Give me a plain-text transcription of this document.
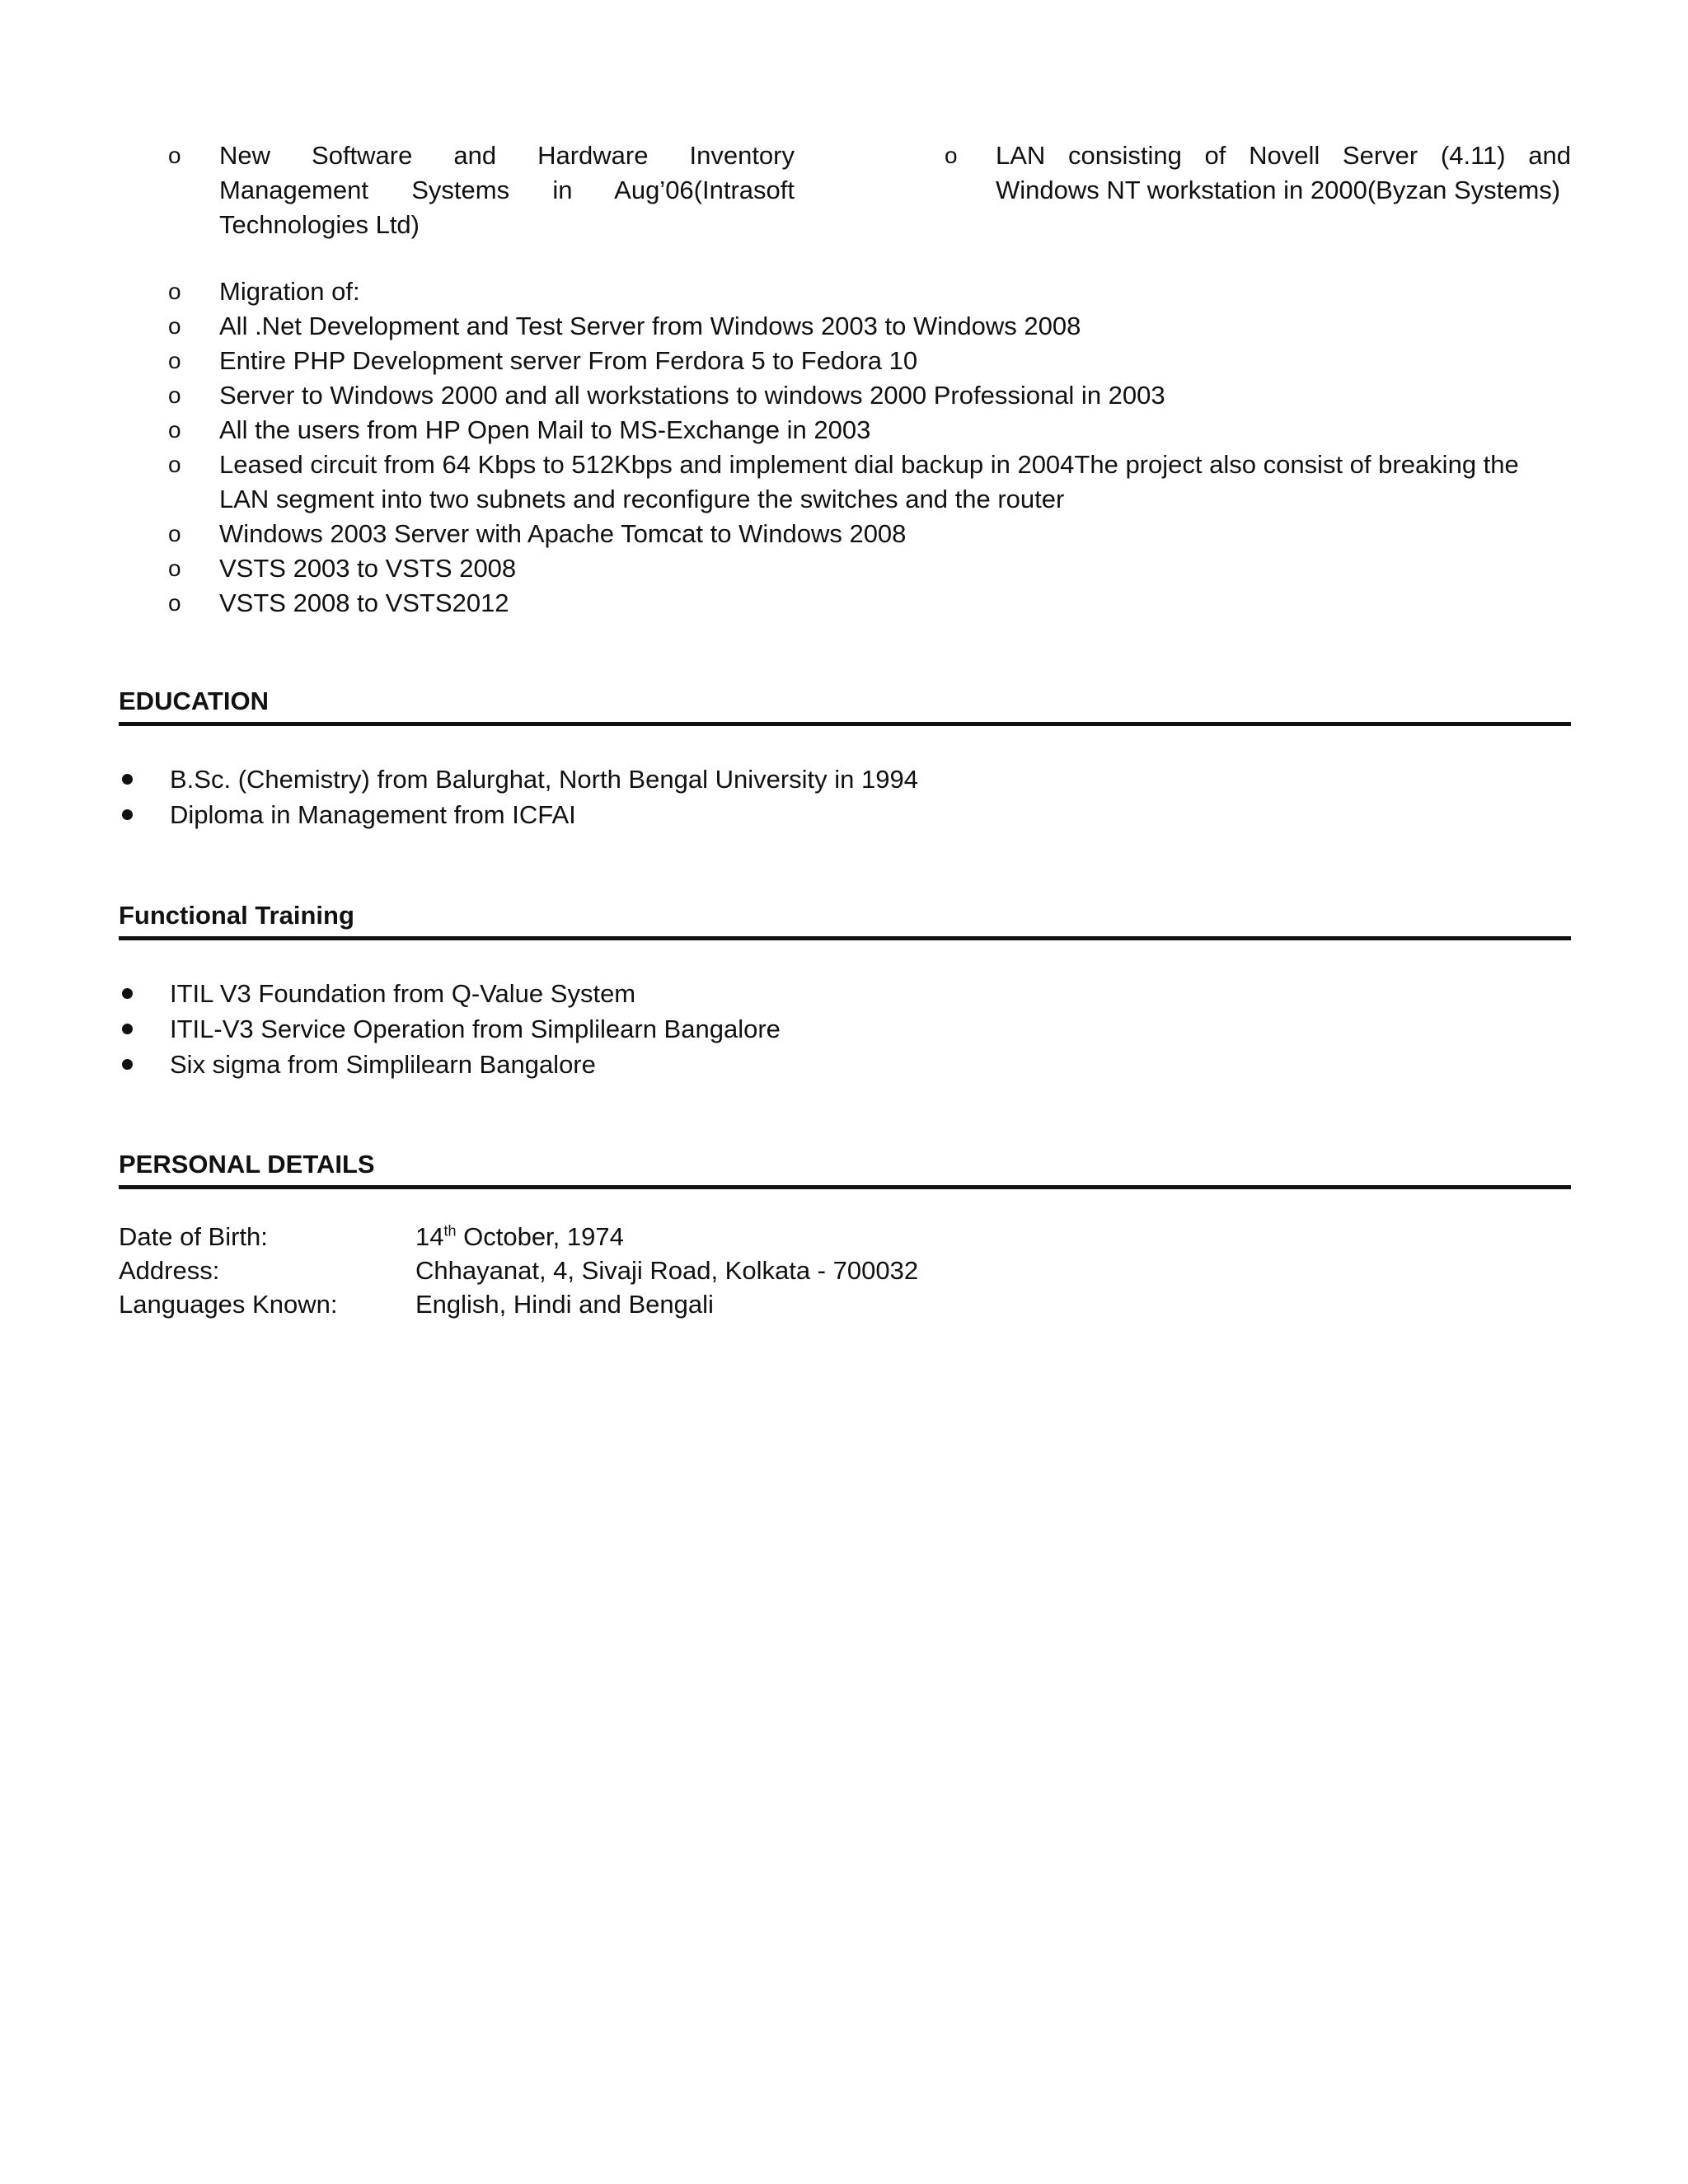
o New Software and Hardware Inventory Management Systems in Aug’06(Intrasoft Technologies Ltd)
o LAN consisting of Novell Server (4.11) and Windows NT workstation in 2000(Byzan Systems)
o Migration of:
o All .Net Development and Test Server from Windows 2003 to Windows 2008
o Entire PHP Development server From Ferdora 5 to Fedora 10
o Server to Windows 2000 and all workstations to windows 2000 Professional in 2003
o All the users from HP Open Mail to MS-Exchange in 2003
o Leased circuit from 64 Kbps to 512Kbps and implement dial backup in 2004The project also consist of breaking the LAN segment into two subnets and reconfigure the switches and the router
o Windows 2003 Server with Apache Tomcat to Windows 2008
o VSTS 2003 to VSTS 2008
o VSTS 2008 to VSTS2012
EDUCATION
B.Sc. (Chemistry) from Balurghat, North Bengal University in 1994
Diploma in Management from ICFAI
Functional Training
ITIL V3 Foundation from Q-Value System
ITIL-V3 Service Operation from Simplilearn Bangalore
Six sigma from Simplilearn Bangalore
PERSONAL DETAILS
Date of Birth:	14th October, 1974
Address:	Chhayanat, 4, Sivaji Road, Kolkata - 700032
Languages Known:	English, Hindi and Bengali
